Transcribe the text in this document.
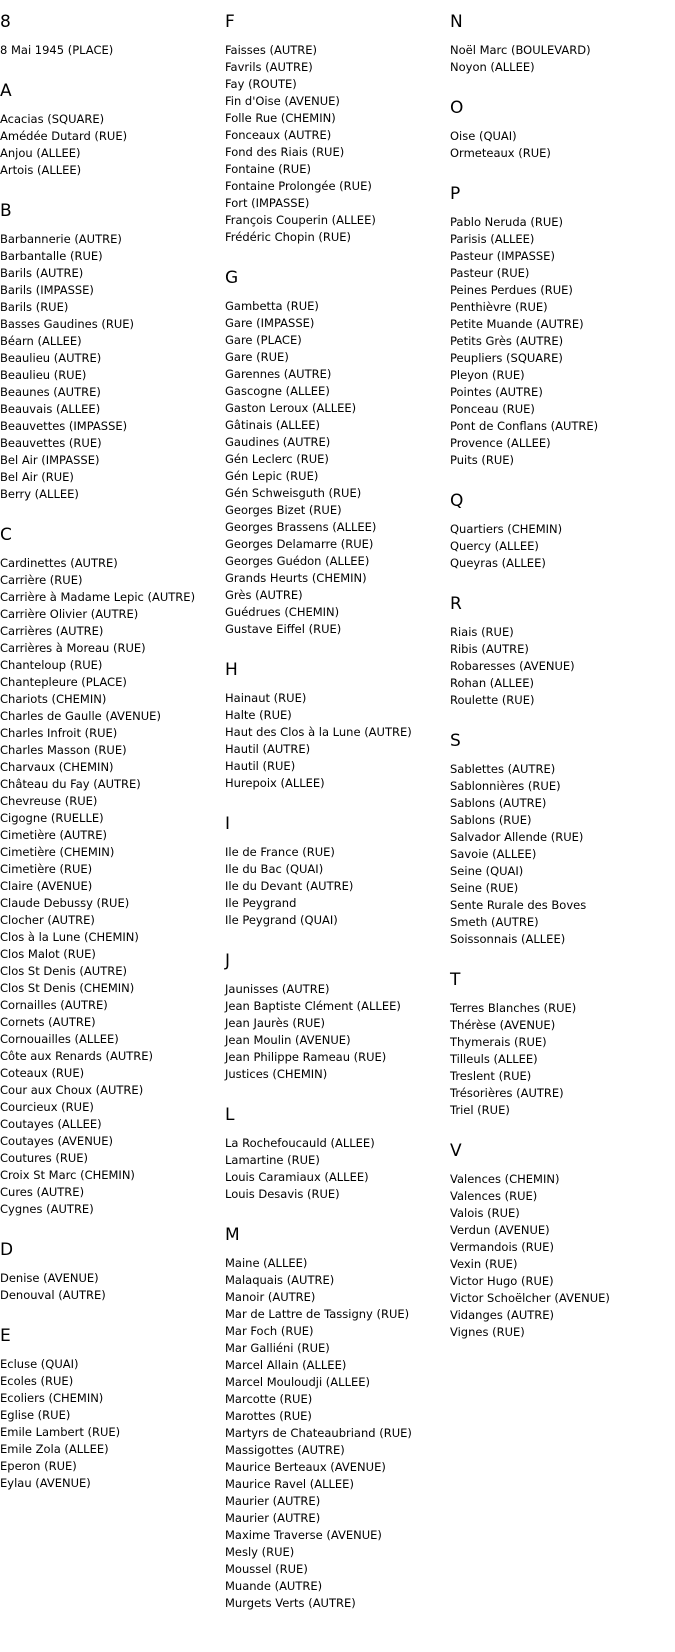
8
8 Mai 1945 (PLACE)
A
Acacias (SQUARE)
Amédée Dutard (RUE)
Anjou (ALLEE)
Artois (ALLEE)
B
Barbannerie (AUTRE)
Barbantalle (RUE)
Barils (AUTRE)
Barils (IMPASSE)
Barils (RUE)
Basses Gaudines (RUE)
Béarn (ALLEE)
Beaulieu (AUTRE)
Beaulieu (RUE)
Beaunes (AUTRE)
Beauvais (ALLEE)
Beauvettes (IMPASSE)
Beauvettes (RUE)
Bel Air (IMPASSE)
Bel Air (RUE)
Berry (ALLEE)
C
Cardinettes (AUTRE)
Carrière (RUE)
Carrière à Madame Lepic (AUTRE)
Carrière Olivier (AUTRE)
Carrières (AUTRE)
Carrières à Moreau (RUE)
Chanteloup (RUE)
Chantepleure (PLACE)
Chariots (CHEMIN)
Charles de Gaulle (AVENUE)
Charles Infroit (RUE)
Charles Masson (RUE)
Charvaux (CHEMIN)
Château du Fay (AUTRE)
Chevreuse (RUE)
Cigogne (RUELLE)
Cimetière (AUTRE)
Cimetière (CHEMIN)
Cimetière (RUE)
Claire (AVENUE)
Claude Debussy (RUE)
Clocher (AUTRE)
Clos à la Lune (CHEMIN)
Clos Malot (RUE)
Clos St Denis (AUTRE)
Clos St Denis (CHEMIN)
Cornailles (AUTRE)
Cornets (AUTRE)
Cornouailles (ALLEE)
Côte aux Renards (AUTRE)
Coteaux (RUE)
Cour aux Choux (AUTRE)
Courcieux (RUE)
Coutayes (ALLEE)
Coutayes (AVENUE)
Coutures (RUE)
Croix St Marc (CHEMIN)
Cures (AUTRE)
Cygnes (AUTRE)
D
Denise (AVENUE)
Denouval (AUTRE)
E
Ecluse (QUAI)
Ecoles (RUE)
Ecoliers (CHEMIN)
Eglise (RUE)
Emile Lambert (RUE)
Emile Zola (ALLEE)
Eperon (RUE)
Eylau (AVENUE)
F
Faisses (AUTRE)
Favrils (AUTRE)
Fay (ROUTE)
Fin d'Oise (AVENUE)
Folle Rue (CHEMIN)
Fonceaux (AUTRE)
Fond des Riais (RUE)
Fontaine (RUE)
Fontaine Prolongée (RUE)
Fort (IMPASSE)
François Couperin (ALLEE)
Frédéric Chopin (RUE)
G
Gambetta (RUE)
Gare (IMPASSE)
Gare (PLACE)
Gare (RUE)
Garennes (AUTRE)
Gascogne (ALLEE)
Gaston Leroux (ALLEE)
Gâtinais (ALLEE)
Gaudines (AUTRE)
Gén Leclerc (RUE)
Gén Lepic (RUE)
Gén Schweisguth (RUE)
Georges Bizet (RUE)
Georges Brassens (ALLEE)
Georges Delamarre (RUE)
Georges Guédon (ALLEE)
Grands Heurts (CHEMIN)
Grès (AUTRE)
Guédrues (CHEMIN)
Gustave Eiffel (RUE)
H
Hainaut (RUE)
Halte (RUE)
Haut des Clos à la Lune (AUTRE)
Hautil (AUTRE)
Hautil (RUE)
Hurepoix (ALLEE)
I
Ile de France (RUE)
Ile du Bac (QUAI)
Ile du Devant (AUTRE)
Ile Peygrand
Ile Peygrand (QUAI)
J
Jaunisses (AUTRE)
Jean Baptiste Clément (ALLEE)
Jean Jaurès (RUE)
Jean Moulin (AVENUE)
Jean Philippe Rameau (RUE)
Justices (CHEMIN)
L
La Rochefoucauld (ALLEE)
Lamartine (RUE)
Louis Caramiaux (ALLEE)
Louis Desavis (RUE)
M
Maine (ALLEE)
Malaquais (AUTRE)
Manoir (AUTRE)
Mar de Lattre de Tassigny (RUE)
Mar Foch (RUE)
Mar Galliéni (RUE)
Marcel Allain (ALLEE)
Marcel Mouloudji (ALLEE)
Marcotte (RUE)
Marottes (RUE)
Martyrs de Chateaubriand (RUE)
Massigottes (AUTRE)
Maurice Berteaux (AVENUE)
Maurice Ravel (ALLEE)
Maurier (AUTRE)
Maurier (AUTRE)
Maxime Traverse (AVENUE)
Mesly (RUE)
Moussel (RUE)
Muande (AUTRE)
Murgets Verts (AUTRE)
N
Noël Marc (BOULEVARD)
Noyon (ALLEE)
O
Oise (QUAI)
Ormeteaux (RUE)
P
Pablo Neruda (RUE)
Parisis (ALLEE)
Pasteur (IMPASSE)
Pasteur (RUE)
Peines Perdues (RUE)
Penthièvre (RUE)
Petite Muande (AUTRE)
Petits Grès (AUTRE)
Peupliers (SQUARE)
Pleyon (RUE)
Pointes (AUTRE)
Ponceau (RUE)
Pont de Conflans (AUTRE)
Provence (ALLEE)
Puits (RUE)
Q
Quartiers (CHEMIN)
Quercy (ALLEE)
Queyras (ALLEE)
R
Riais (RUE)
Ribis (AUTRE)
Robaresses (AVENUE)
Rohan (ALLEE)
Roulette (RUE)
S
Sablettes (AUTRE)
Sablonnières (RUE)
Sablons (AUTRE)
Sablons (RUE)
Salvador Allende (RUE)
Savoie (ALLEE)
Seine (QUAI)
Seine (RUE)
Sente Rurale des Boves
Smeth (AUTRE)
Soissonnais (ALLEE)
T
Terres Blanches (RUE)
Thérèse (AVENUE)
Thymerais (RUE)
Tilleuls (ALLEE)
Treslent (RUE)
Trésorières (AUTRE)
Triel (RUE)
V
Valences (CHEMIN)
Valences (RUE)
Valois (RUE)
Verdun (AVENUE)
Vermandois (RUE)
Vexin (RUE)
Victor Hugo (RUE)
Victor Schoëlcher (AVENUE)
Vidanges (AUTRE)
Vignes (RUE)
